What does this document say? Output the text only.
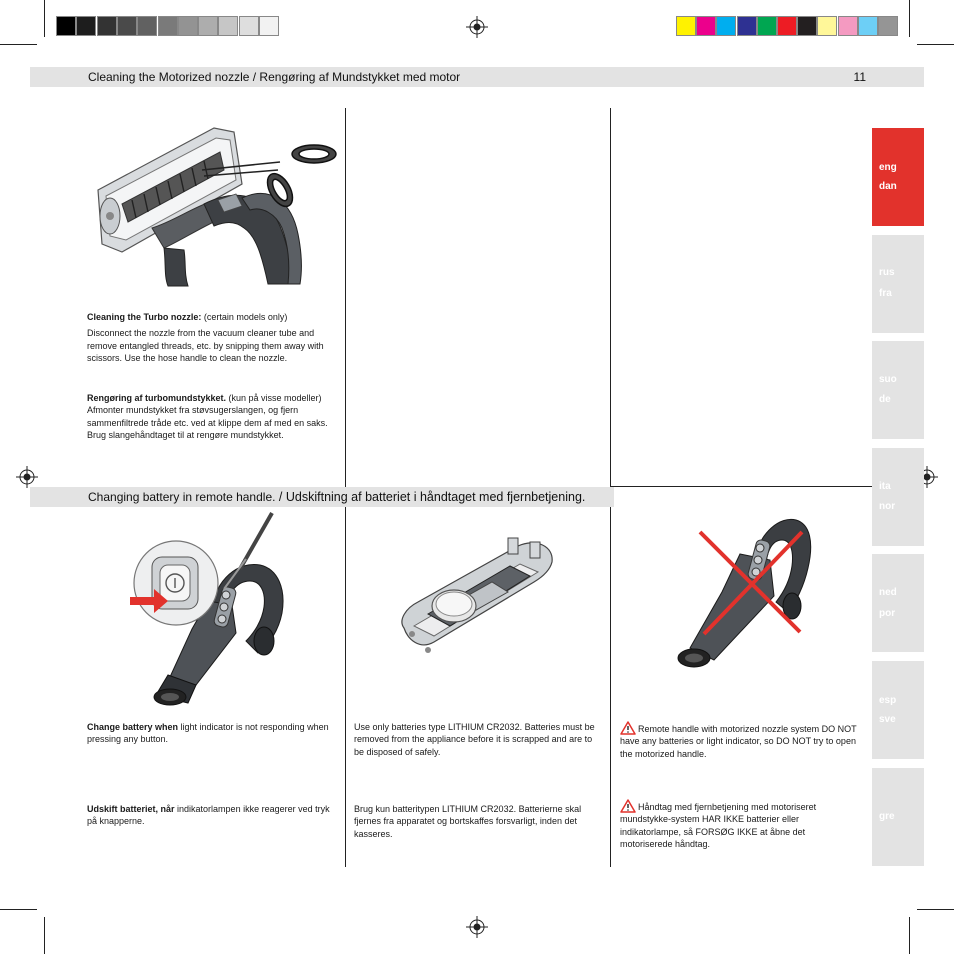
Cleaning the Motorized nozzle / Rengøring af Mundstykket med motor	11
Cleaning the Turbo nozzle: (certain models only)
Disconnect the nozzle from the vacuum cleaner tube and remove entangled threads, etc. by snipping them away with scissors. Use the hose handle to clean the nozzle.
Rengøring af turbomundstykket. (kun på visse modeller) Afmonter mundstykket fra støvsugerslangen, og fjern sammenfiltrede tråde etc. ved at klippe dem af med en saks. Brug slangehåndtaget til at rengøre mundstykket.
Changing battery in remote handle. / Udskiftning af batteriet i håndtaget med fjernbetjening.
Change battery when light indicator is not responding when pressing any button.
Udskift batteriet, når indikatorlampen ikke reagerer ved tryk på knapperne.
Use only batteries type LITHIUM CR2032. Batteries must be removed from the appliance before it is scrapped and are to be disposed of safely.
Brug kun batteritypen LITHIUM CR2032. Batterierne skal fjernes fra apparatet og bortskaffes forsvarligt, inden det kasseres.
Remote handle with motorized nozzle system DO NOT have any batteries or light indicator, so DO NOT try to open the motorized handle.
Håndtag med fjernbetjening med motoriseret mundstykke-system HAR IKKE batterier eller indikatorlampe, så FORSØG IKKE at åbne det motoriserede håndtag.
eng
dan
rus
fra
suo
de
ita
nor
ned
por
esp
sve
gre
